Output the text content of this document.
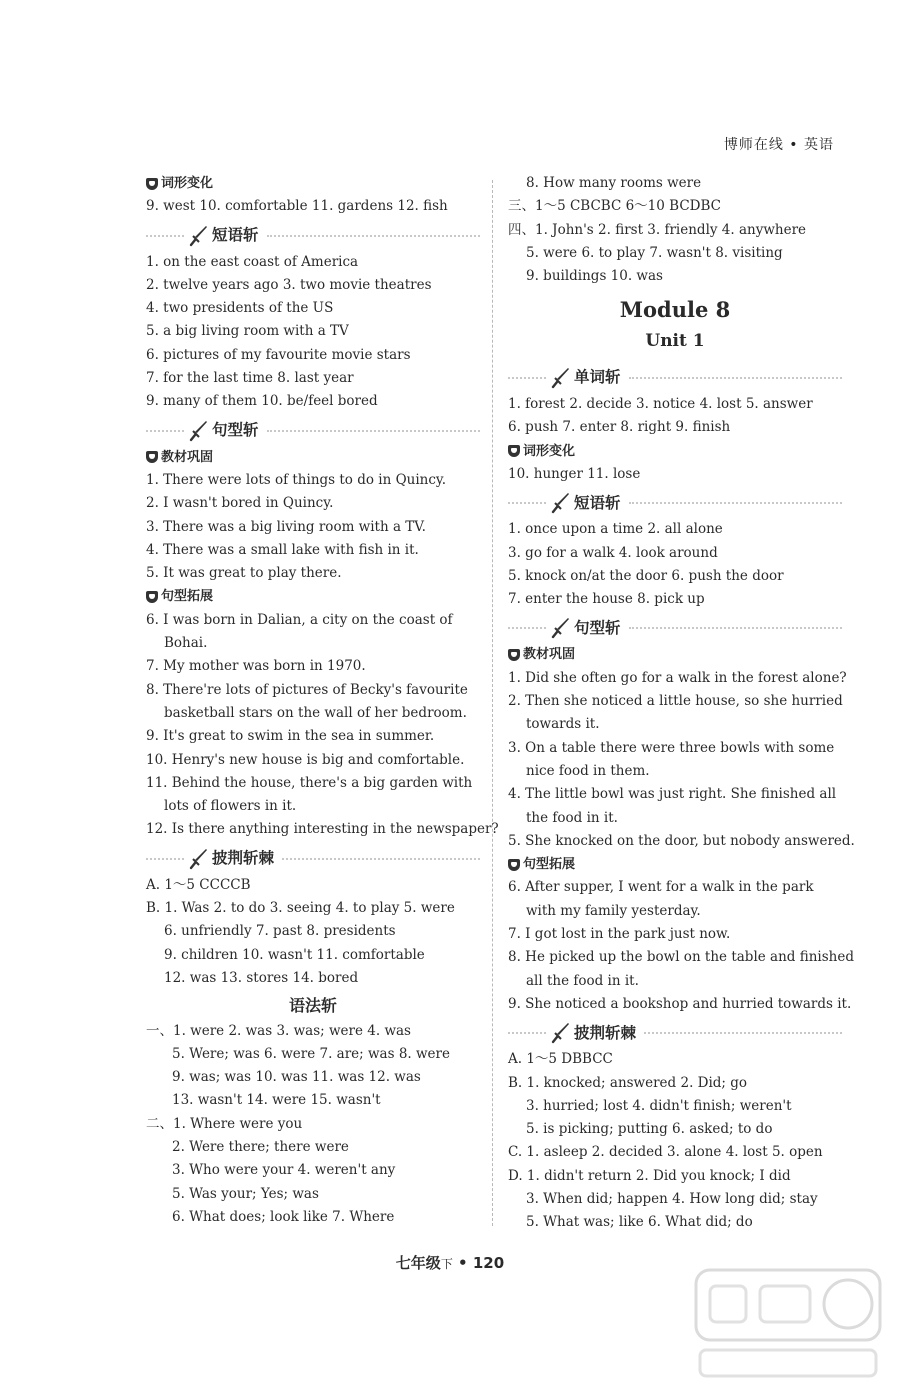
博师在线 • 英语
词形变化
9. west 10. comfortable 11. gardens 12. fish
短语斩
1. on the east coast of America
2. twelve years ago 3. two movie theatres
4. two presidents of the US
5. a big living room with a TV
6. pictures of my favourite movie stars
7. for the last time 8. last year
9. many of them 10. be/feel bored
句型斩
教材巩固
1. There were lots of things to do in Quincy.
2. I wasn't bored in Quincy.
3. There was a big living room with a TV.
4. There was a small lake with fish in it.
5. It was great to play there.
句型拓展
6. I was born in Dalian, a city on the coast of
Bohai.
7. My mother was born in 1970.
8. There're lots of pictures of Becky's favourite
basketball stars on the wall of her bedroom.
9. It's great to swim in the sea in summer.
10. Henry's new house is big and comfortable.
11. Behind the house, there's a big garden with
lots of flowers in it.
12. Is there anything interesting in the newspaper?
披荆斩棘
A. 1～5 CCCCB
B. 1. Was 2. to do 3. seeing 4. to play 5. were
6. unfriendly 7. past 8. presidents
9. children 10. wasn't 11. comfortable
12. was 13. stores 14. bored
语法斩
一、1. were 2. was 3. was; were 4. was
5. Were; was 6. were 7. are; was 8. were
9. was; was 10. was 11. was 12. was
13. wasn't 14. were 15. wasn't
二、1. Where were you
2. Were there; there were
3. Who were your 4. weren't any
5. Was your; Yes; was
6. What does; look like 7. Where
8. How many rooms were
三、1～5 CBCBC 6～10 BCDBC
四、1. John's 2. first 3. friendly 4. anywhere
5. were 6. to play 7. wasn't 8. visiting
9. buildings 10. was
Module 8
Unit 1
单词斩
1. forest 2. decide 3. notice 4. lost 5. answer
6. push 7. enter 8. right 9. finish
词形变化
10. hunger 11. lose
短语斩
1. once upon a time 2. all alone
3. go for a walk 4. look around
5. knock on/at the door 6. push the door
7. enter the house 8. pick up
句型斩
教材巩固
1. Did she often go for a walk in the forest alone?
2. Then she noticed a little house, so she hurried
towards it.
3. On a table there were three bowls with some
nice food in them.
4. The little bowl was just right. She finished all
the food in it.
5. She knocked on the door, but nobody answered.
句型拓展
6. After supper, I went for a walk in the park
with my family yesterday.
7. I got lost in the park just now.
8. He picked up the bowl on the table and finished
all the food in it.
9. She noticed a bookshop and hurried towards it.
披荆斩棘
A. 1～5 DBBCC
B. 1. knocked; answered 2. Did; go
3. hurried; lost 4. didn't finish; weren't
5. is picking; putting 6. asked; to do
C. 1. asleep 2. decided 3. alone 4. lost 5. open
D. 1. didn't return 2. Did you knock; I did
3. When did; happen 4. How long did; stay
5. What was; like 6. What did; do
七年级下 • 120
